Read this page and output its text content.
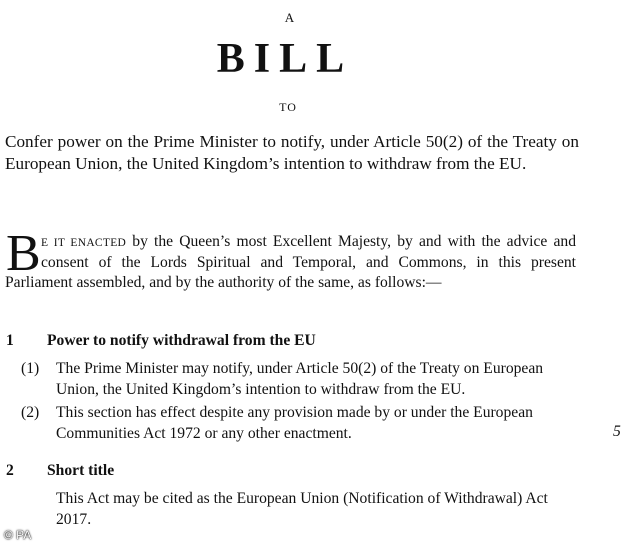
A
BILL
TO
Confer power on the Prime Minister to notify, under Article 50(2) of the Treaty on European Union, the United Kingdom’s intention to withdraw from the EU.
B E IT ENACTED by the Queen’s most Excellent Majesty, by and with the advice and
consent of the Lords Spiritual and Temporal, and Commons, in this present
Parliament assembled, and by the authority of the same, as follows:—
1 Power to notify withdrawal from the EU
(1) The Prime Minister may notify, under Article 50(2) of the Treaty on European Union, the United Kingdom’s intention to withdraw from the EU.
(2) This section has effect despite any provision made by or under the European Communities Act 1972 or any other enactment.	5
2 Short title
This Act may be cited as the European Union (Notification of Withdrawal) Act 2017.
© PA
